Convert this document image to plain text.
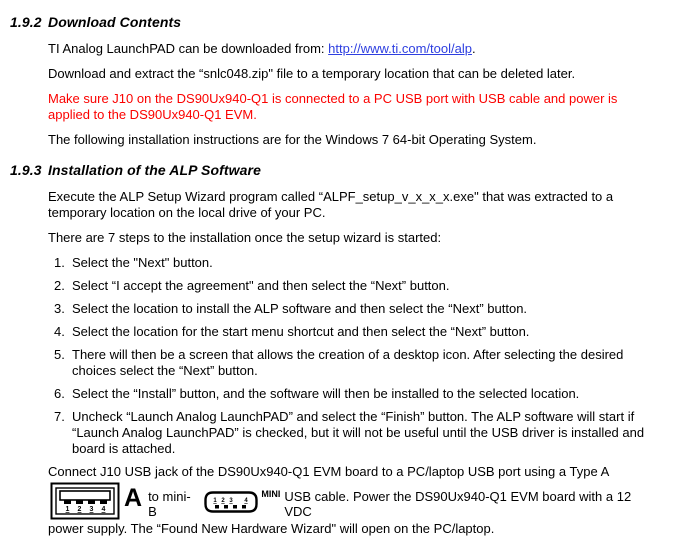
1.9.2 Download Contents

TI Analog LaunchPAD can be downloaded from: http://www.ti.com/tool/alp.

Download and extract the “snlc048.zip" file to a temporary location that can be deleted later.

Make sure J10 on the DS90Ux940-Q1 is connected to a PC USB port with USB cable and power is applied to the DS90Ux940-Q1 EVM.

The following installation instructions are for the Windows 7 64-bit Operating System.

1.9.3 Installation of the ALP Software

Execute the ALP Setup Wizard program called “ALPF_setup_v_x_x_x.exe" that was extracted to a temporary location on the local drive of your PC.

There are 7 steps to the installation once the setup wizard is started:

1. Select the "Next" button.
2. Select “I accept the agreement" and then select the “Next” button.
3. Select the location to install the ALP software and then select the “Next” button.
4. Select the location for the start menu shortcut and then select the “Next” button.
5. There will then be a screen that allows the creation of a desktop icon. After selecting the desired choices select the “Next” button.
6. Select the “Install” button, and the software will then be installed to the selected location.
7. Uncheck “Launch Analog LaunchPAD” and select the “Finish” button. The ALP software will start if “Launch Analog LaunchPAD” is checked, but it will not be useful until the USB driver is installed and board is attached.

Connect J10 USB jack of the DS90Ux940-Q1 EVM board to a PC/laptop USB port using a Type A

1 2 3 4 A to mini-B
1 2 3 4
MINI USB cable. Power the DS90Ux940-Q1 EVM board with a 12 VDC

power supply. The “Found New Hardware Wizard" will open on the PC/laptop.
